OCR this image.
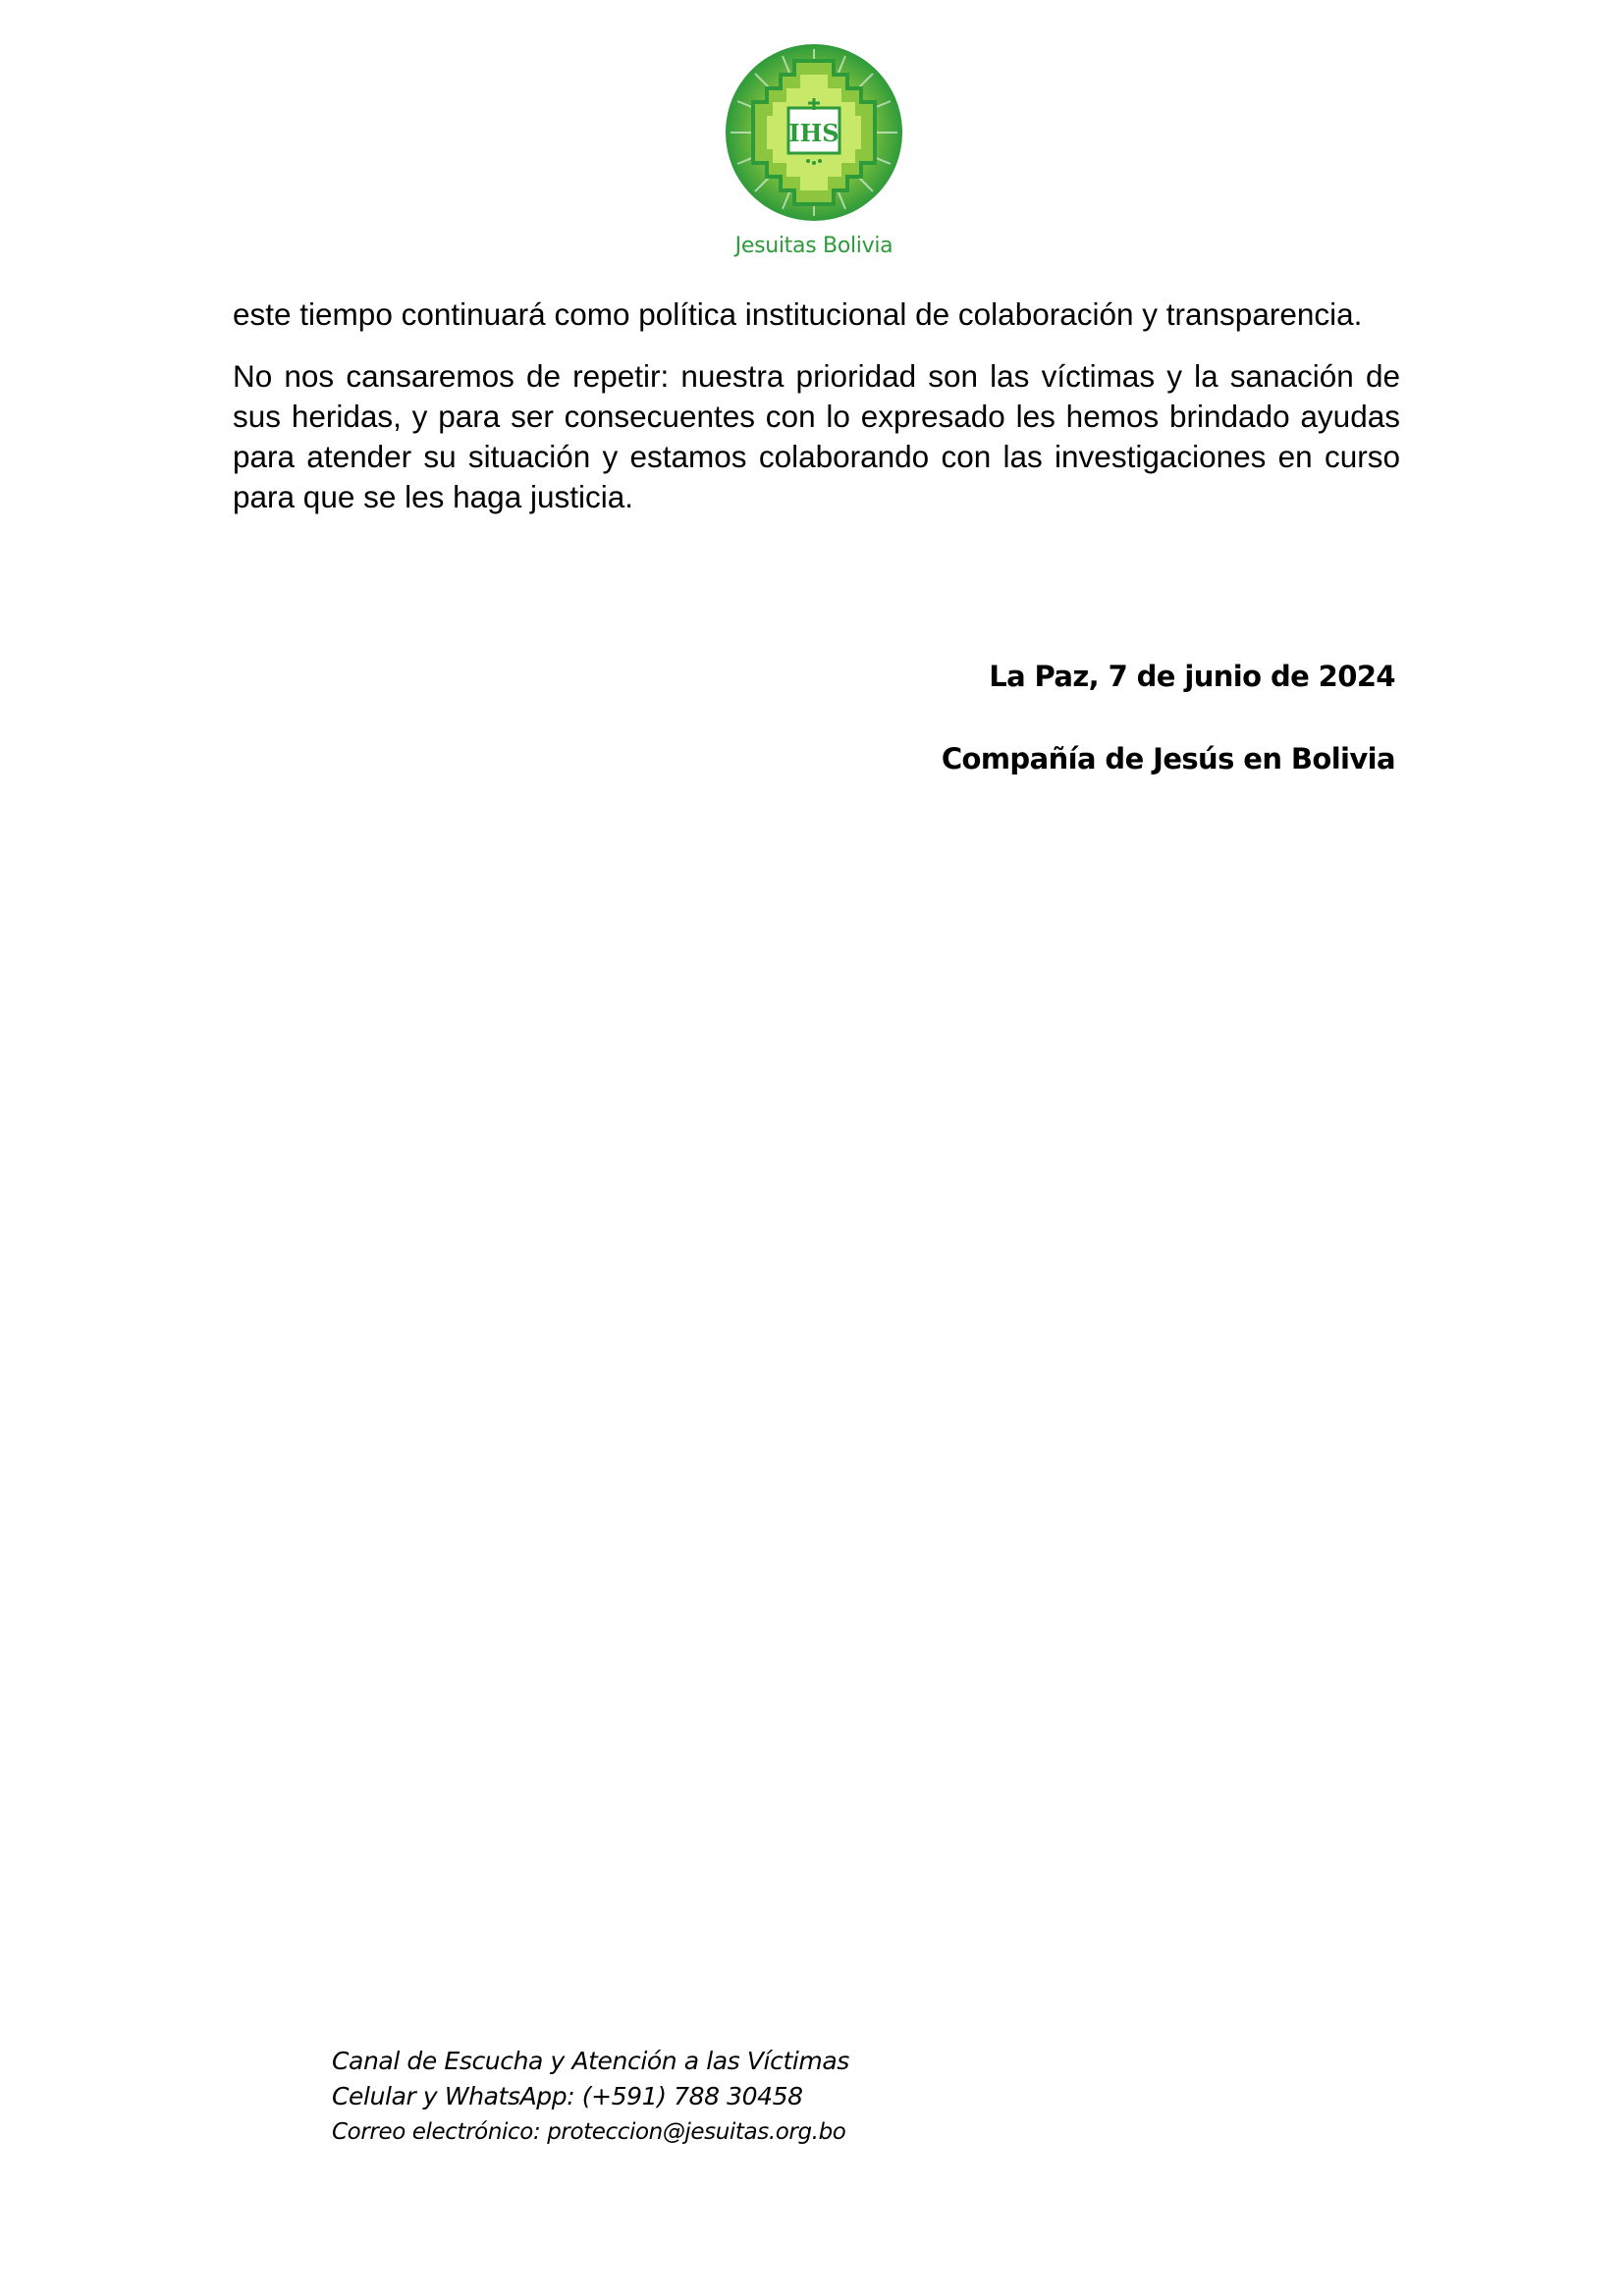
IHS
Jesuitas Bolivia

este tiempo continuará como política institucional de colaboración y transparencia.

No nos cansaremos de repetir: nuestra prioridad son las víctimas y la sanación de sus heridas, y para ser consecuentes con lo expresado les hemos brindado ayudas para atender su situación y estamos colaborando con las investigaciones en curso para que se les haga justicia.

La Paz, 7 de junio de 2024
Compañía de Jesús en Bolivia
Canal de Escucha y Atención a las Víctimas
Celular y WhatsApp: (+591) 788 30458
Correo electrónico: proteccion@jesuitas.org.bo
